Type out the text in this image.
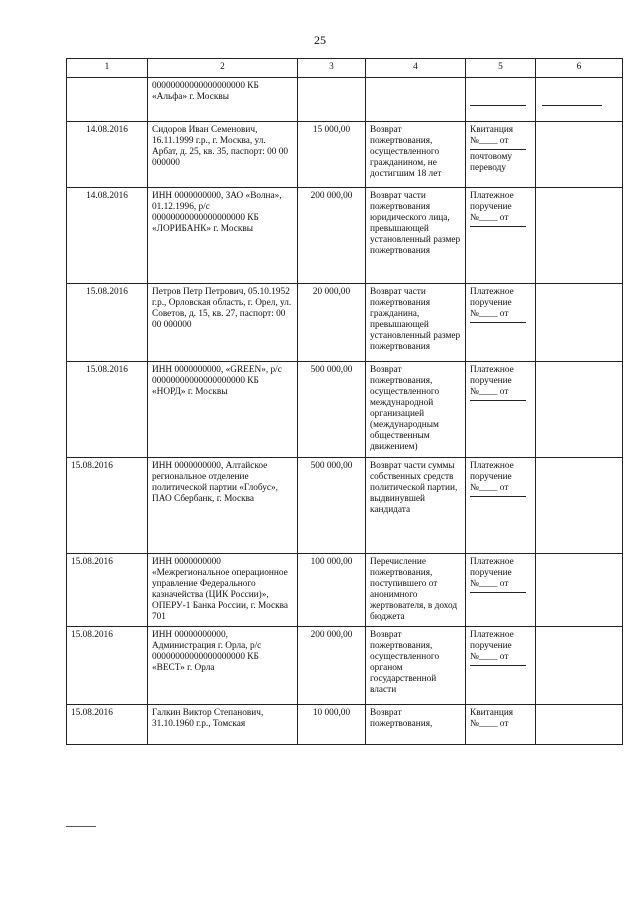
25
1	2	3	4	5	6
	00000000000000000000 КБ «Альфа» г. Москвы			

14.08.2016	Сидоров Иван Семенович, 16.11.1999 г.р., г. Москва, ул. Арбат, д. 25, кв. 35, паспорт: 00 00 000000	15 000,00	Возврат пожертвования, осуществленного гражданином, не достигшим 18 лет	Квитанция
№____ от
почтовому переводу	

14.08.2016	ИНН 0000000000, ЗАО «Волна», 01.12.1996, р/с 00000000000000000000 КБ «ЛОРИБАНК» г. Москвы	200 000,00	Возврат части пожертвования юридического лица, превышающей установленный размер пожертвования	Платежное поручение
№____ от	

15.08.2016	Петров Петр Петрович, 05.10.1952 г.р., Орловская область, г. Орел, ул. Советов, д. 15, кв. 27, паспорт: 00 00 000000	20 000,00	Возврат части пожертвования гражданина, превышающей установленный размер пожертвования	Платежное поручение
№____ от	

15.08.2016	ИНН 0000000000, «GREEN», р/с 00000000000000000000 КБ «НОРД» г. Москвы	500 000,00	Возврат пожертвования, осуществленного международной организацией (международным общественным движением)	Платежное поручение
№____ от	

15.08.2016	ИНН 0000000000, Алтайское региональное отделение политической партии «Глобус», ПАО Сбербанк, г. Москва	500 000,00	Возврат части суммы собственных средств политической партии, выдвинувшей кандидата	Платежное поручение
№____ от	

15.08.2016	ИНН 0000000000 «Межрегиональное операционное управление Федерального казначейства (ЦИК России)», ОПЕРУ-1 Банка России, г. Москва 701	100 000,00	Перечисление пожертвования, поступившего от анонимного жертвователя, в доход бюджета	Платежное поручение
№____ от	

15.08.2016	ИНН 00000000000, Администрация г. Орла, р/с 00000000000000000000 КБ «ВЕСТ» г. Орла	200 000,00	Возврат пожертвования, осуществленного органом государственной власти	Платежное поручение
№____ от	

15.08.2016	Галкин Виктор Степанович, 31.10.1960 г.р., Томская	10 000,00	Возврат пожертвования,	Квитанция
№____ от	
